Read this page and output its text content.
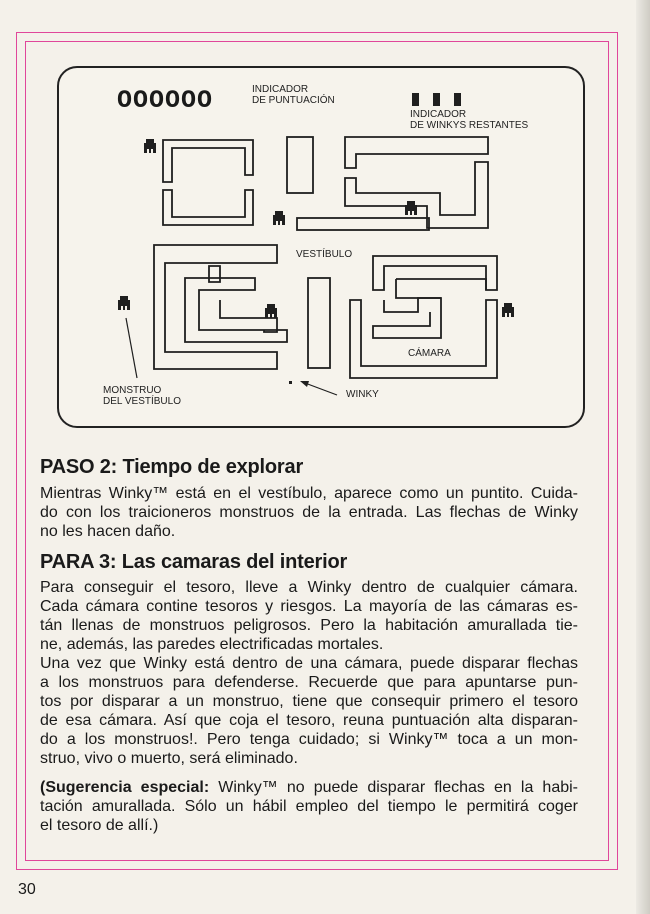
OOOOOO	INDICADOR
DE PUNTUACIÓN
INDICADOR
DE WINKYS RESTANTES
VESTÍBULO
CÁMARA
MONSTRUO
DEL VESTÍBULO
WINKY
PASO 2: Tiempo de explorar
Mientras Winky™ está en el vestíbulo, aparece como un puntito. Cuida-
do con los traicioneros monstruos de la entrada. Las flechas de Winky
no les hacen daño.
PARA 3: Las camaras del interior
Para conseguir el tesoro, lleve a Winky dentro de cualquier cámara.
Cada cámara contine tesoros y riesgos. La mayoría de las cámaras es-
tán llenas de monstruos peligrosos. Pero la habitación amurallada tie-
ne, además, las paredes electrificadas mortales.
Una vez que Winky está dentro de una cámara, puede disparar flechas
a los monstruos para defenderse. Recuerde que para apuntarse pun-
tos por disparar a un monstruo, tiene que consequir primero el tesoro
de esa cámara. Así que coja el tesoro, reuna puntuación alta disparan-
do a los monstruos!. Pero tenga cuidado; si Winky™ toca a un mon-
struo, vivo o muerto, será eliminado.
(Sugerencia especial: Winky™ no puede disparar flechas en la habi-
tación amurallada. Sólo un hábil empleo del tiempo le permitirá coger
el tesoro de allí.)
30
